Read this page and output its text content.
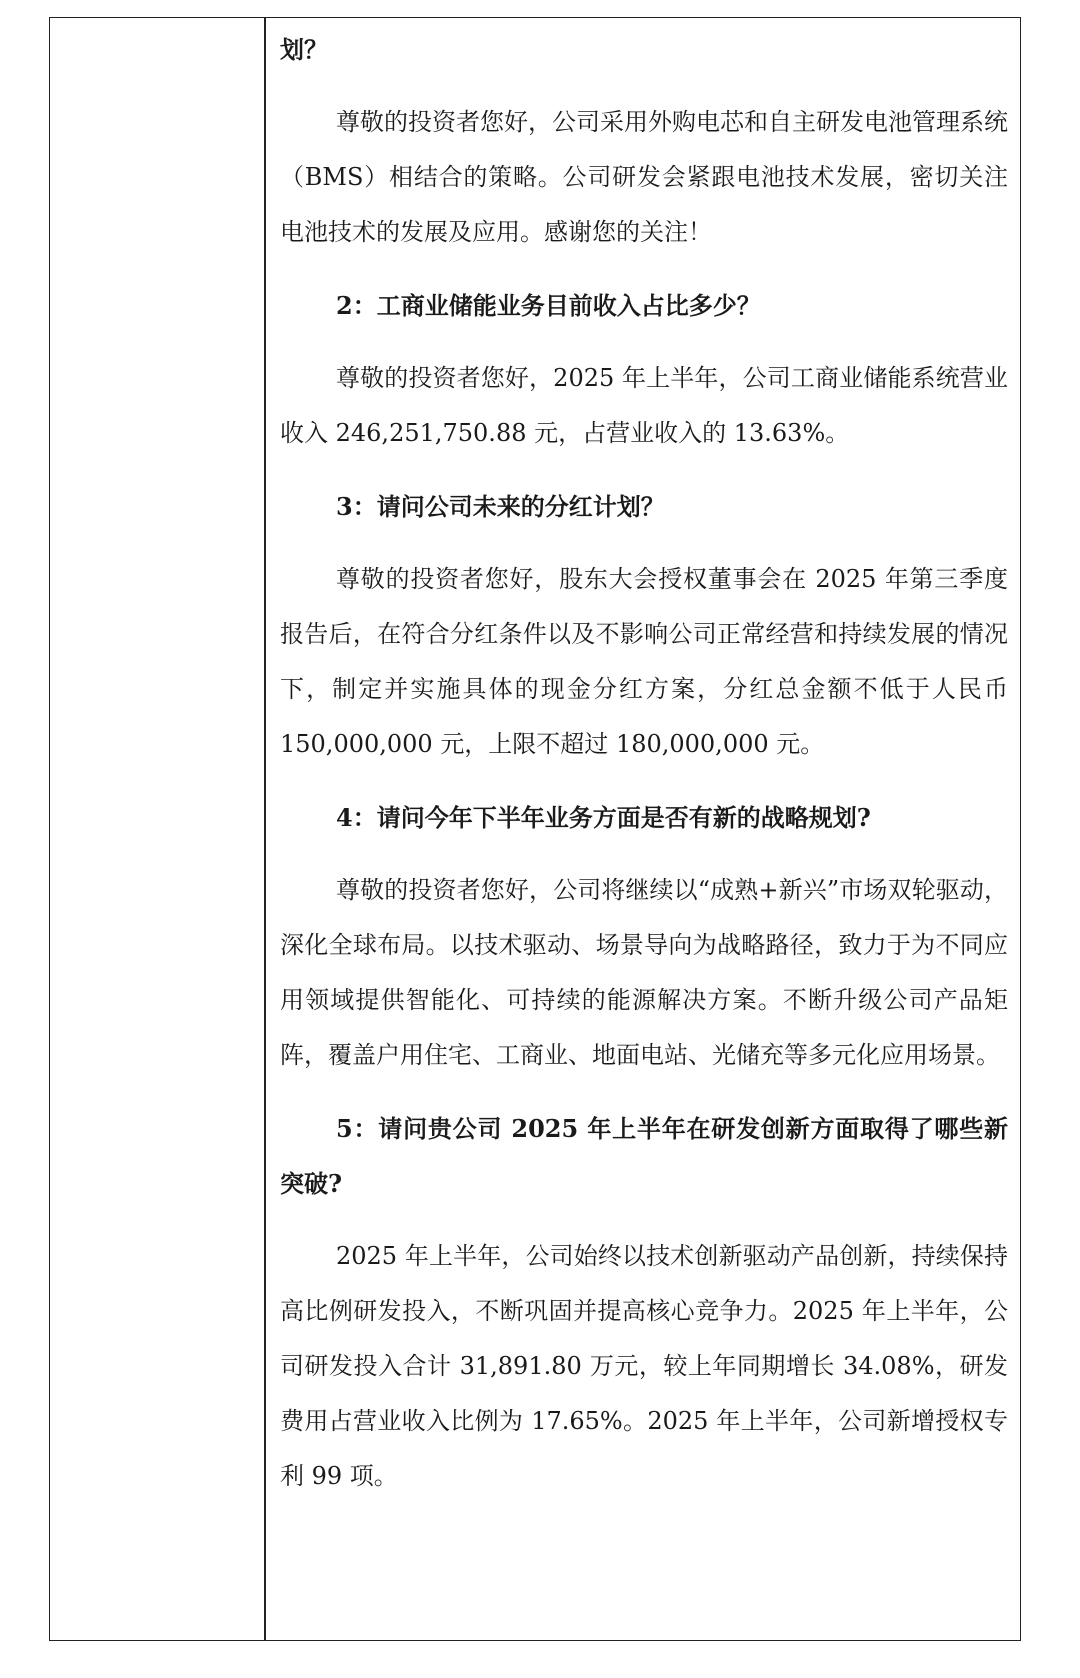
划？

尊敬的投资者您好，公司采用外购电芯和自主研发电池管理系统（BMS）相结合的策略。公司研发会紧跟电池技术发展，密切关注电池技术的发展及应用。感谢您的关注！

2：工商业储能业务目前收入占比多少？

尊敬的投资者您好，2025 年上半年，公司工商业储能系统营业收入 246,251,750.88 元，占营业收入的 13.63%。

3：请问公司未来的分红计划？

尊敬的投资者您好，股东大会授权董事会在 2025 年第三季度报告后，在符合分红条件以及不影响公司正常经营和持续发展的情况下，制定并实施具体的现金分红方案，分红总金额不低于人民币 150,000,000 元，上限不超过 180,000,000 元。

4：请问今年下半年业务方面是否有新的战略规划?

尊敬的投资者您好，公司将继续以“成熟+新兴”市场双轮驱动，深化全球布局。以技术驱动、场景导向为战略路径，致力于为不同应用领域提供智能化、可持续的能源解决方案。不断升级公司产品矩阵，覆盖户用住宅、工商业、地面电站、光储充等多元化应用场景。

5：请问贵公司 2025 年上半年在研发创新方面取得了哪些新突破?

2025 年上半年，公司始终以技术创新驱动产品创新，持续保持高比例研发投入，不断巩固并提高核心竞争力。2025 年上半年，公司研发投入合计 31,891.80 万元，较上年同期增长 34.08%，研发费用占营业收入比例为 17.65%。2025 年上半年，公司新增授权专利 99 项。
